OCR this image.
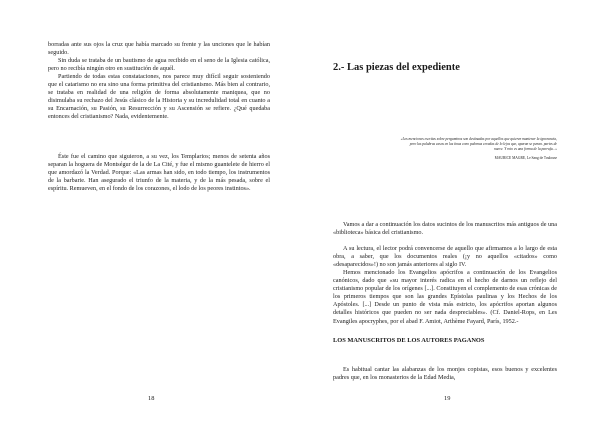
borradas ante sus ojos la cruz que había marcado su frente y las unciones que le habían seguido.

Sin duda se trataba de un bautismo de agua recibido en el seno de la Iglesia católica, pero no recibía ningún otro en sustitución de aquél.

Partiendo de todas estas constataciones, nos parece muy difícil seguir sosteniendo que el catarismo no era sino una forma primitiva del cristianismo. Más bien al contrario, se trataba en realidad de una religión de forma absolutamente maniquea, que no disimulaba su rechazo del Jesús clásico de la Historia y su incredulidad total en cuanto a su Encarnación, su Pasión, su Resurrección y su Ascensión se refiere. ¿Qué quedaba entonces del cristianismo? Nada, evidentemente.

Éste fue el camino que siguieron, a su vez, los Templarios; menos de setenta años separan la hoguera de Montségur de la de La Cité, y fue el mismo guantelete de hierro el que amordazó la Verdad. Porque: «Las armas han sido, en todo tiempo, los instrumentos de la barbarie. Han asegurado el triunfo de la materia, y de la más pesada, sobre el espíritu. Remueven, en el fondo de los corazones, el lodo de los peores instintos».

18
2.- Las piezas del expediente

«Los menciones escritas sobre pergaminos son destinadas por aquellos que quieren mantener la ignorancia, pero las palabras casos en las tinas cono palomas ceradas de lo lejos que, aparan se penan. partes de nueve. Y roto es una forma de la parrafa...»

MAURICE MAGRE, Le Sang de Toulouse

Vamos a dar a continuación los datos sucintos de los manuscritos más antiguos de una «biblioteca» básica del cristianismo.

A su lectura, el lector podrá convencerse de aquello que afirmamos a lo largo de esta obra, a saber, que los documentos reales (¡y no aquellos «citados» como «desaparecidos»!) no son jamás anteriores al siglo IV.

Hemos mencionado los Evangelios apócrifos a continuación de los Evangelios canónicos, dado que «su mayor interés radica en el hecho de darnos un reflejo del cristianismo popular de los orígenes [...]. Constituyen el complemento de esas crónicas de los primeros tiempos que son las grandes Epístolas paulinas y los Hechos de los Apóstoles. [...] Desde un punto de vista más estricto, los apócrifos aportan algunos detalles históricos que pueden no ser nada despreciables». (Cf. Daniel-Rops, en Les Evangiles apocryphes, por el abad F. Amiot, Arthème Fayard, París, 1952.-

LOS MANUSCRITOS DE LOS AUTORES PAGANOS

Es habitual cantar las alabanzas de los monjes copistas, esos buenos y excelentes padres que, en los monasterios de la Edad Media,

19
